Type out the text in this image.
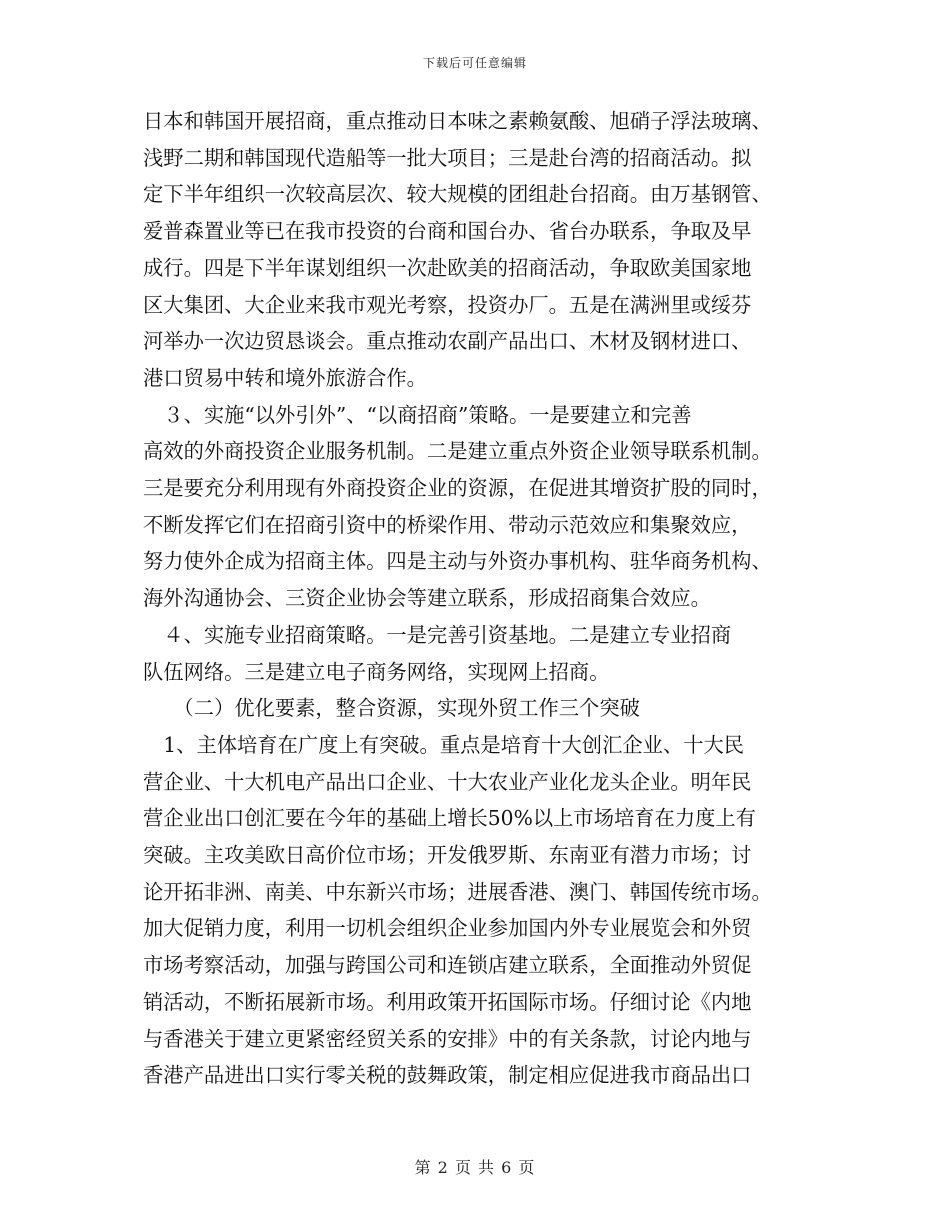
下载后可任意编辑
日本和韩国开展招商，重点推动日本味之素赖氨酸、旭硝子浮法玻璃、
浅野二期和韩国现代造船等一批大项目；三是赴台湾的招商活动。拟
定下半年组织一次较高层次、较大规模的团组赴台招商。由万基钢管、
爱普森置业等已在我市投资的台商和国台办、省台办联系，争取及早
成行。四是下半年谋划组织一次赴欧美的招商活动，争取欧美国家地
区大集团、大企业来我市观光考察，投资办厂。五是在满洲里或绥芬
河举办一次边贸恳谈会。重点推动农副产品出口、木材及钢材进口、
港口贸易中转和境外旅游合作。
　３、实施“以外引外”、“以商招商”策略。一是要建立和完善
高效的外商投资企业服务机制。二是建立重点外资企业领导联系机制。
三是要充分利用现有外商投资企业的资源，在促进其增资扩股的同时，
不断发挥它们在招商引资中的桥梁作用、带动示范效应和集聚效应，
努力使外企成为招商主体。四是主动与外资办事机构、驻华商务机构、
海外沟通协会、三资企业协会等建立联系，形成招商集合效应。
　４、实施专业招商策略。一是完善引资基地。二是建立专业招商
队伍网络。三是建立电子商务网络，实现网上招商。
　　（二）优化要素，整合资源，实现外贸工作三个突破
　1、主体培育在广度上有突破。重点是培育十大创汇企业、十大民
营企业、十大机电产品出口企业、十大农业产业化龙头企业。明年民
营企业出口创汇要在今年的基础上增长50%以上市场培育在力度上有
突破。主攻美欧日高价位市场；开发俄罗斯、东南亚有潜力市场；讨
论开拓非洲、南美、中东新兴市场；进展香港、澳门、韩国传统市场。
加大促销力度，利用一切机会组织企业参加国内外专业展览会和外贸
市场考察活动，加强与跨国公司和连锁店建立联系，全面推动外贸促
销活动，不断拓展新市场。利用政策开拓国际市场。仔细讨论《内地
与香港关于建立更紧密经贸关系的安排》中的有关条款，讨论内地与
香港产品进出口实行零关税的鼓舞政策，制定相应促进我市商品出口
第 2 页 共 6 页
